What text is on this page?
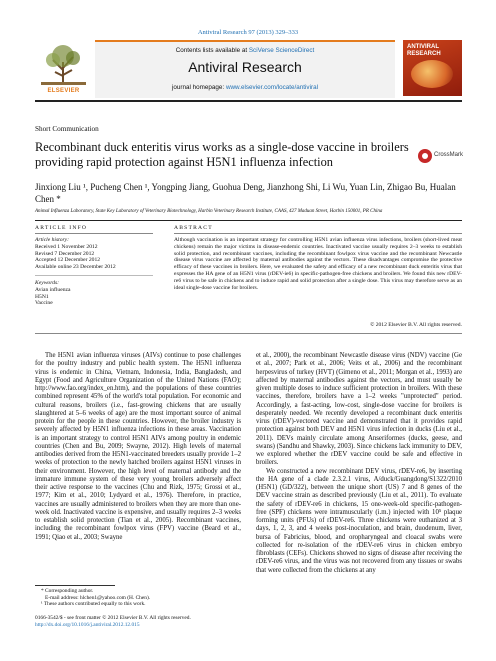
Antiviral Research 97 (2013) 329–333
ELSEVIER
Contents lists available at SciVerse ScienceDirect
Antiviral Research
journal homepage: www.elsevier.com/locate/antiviral
ANTIVIRAL RESEARCH
Short Communication
Recombinant duck enteritis virus works as a single-dose vaccine in broilers providing rapid protection against H5N1 influenza infection	CrossMark
Jinxiong Liu ¹, Pucheng Chen ¹, Yongping Jiang, Guohua Deng, Jianzhong Shi, Li Wu, Yuan Lin, Zhigao Bu, Hualan Chen *
Animal Influenza Laboratory, State Key Laboratory of Veterinary Biotechnology, Harbin Veterinary Research Institute, CAAS, 427 Maduan Street, Harbin 150001, PR China
ARTICLE INFO
Article history:
Received 1 November 2012
Revised 7 December 2012
Accepted 12 December 2012
Available online 23 December 2012
Keywords:
Avian influenza
H5N1
Vaccine
ABSTRACT
Although vaccination is an important strategy for controlling H5N1 avian influenza virus infections, broilers (short-lived meat chickens) remain the major victims in disease-endemic countries. Inactivated vaccine usually requires 2–3 weeks to establish solid protection, and recombinant vaccines, including the recombinant fowlpox virus vaccine and the recombinant Newcastle disease virus vaccine are affected by maternal antibodies against the vectors. These disadvantages compromise the protective efficacy of these vaccines in broilers. Here, we evaluated the safety and efficacy of a new recombinant duck enteritis virus that expresses the HA gene of an H5N1 virus (rDEV-ie6) in specific-pathogen-free chickens and broilers. We found this new rDEV-re6 virus to be safe in chickens and to induce rapid and solid protection after a single dose. This virus may therefore serve as an ideal single-dose vaccine for broilers.
© 2012 Elsevier B.V. All rights reserved.
The H5N1 avian influenza viruses (AIVs) continue to pose challenges for the poultry industry and public health system. The H5N1 influenza virus is endemic in China, Vietnam, Indonesia, India, Bangladesh, and Egypt (Food and Agriculture Organization of the United Nations (FAO); http://www.fao.org/index_en.htm), and the populations of these countries combined represent 45% of the world's total population. For economic and cultural reasons, broilers (i.e., fast-growing chickens that are usually slaughtered at 5–6 weeks of age) are the most important source of animal protein for the people in these countries. However, the broiler industry is severely affected by H5N1 influenza infections in these areas. Vaccination is an important strategy to control H5N1 AIVs among poultry in endemic countries (Chen and Bu, 2009; Swayne, 2012). High levels of maternal antibodies derived from the H5N1-vaccinated breeders usually provide 1–2 weeks of protection to the newly hatched broilers against H5N1 viruses in their environment. However, the high level of maternal antibody and the immature immune system of these very young broilers adversely affect their active response to the vaccines (Chu and Rizk, 1975; Grossi et al., 1977; Kim et al., 2010; Lydyard et al., 1976). Therefore, in practice, vaccines are usually administered to broilers when they are more than one-week old. Inactivated vaccine is expensive, and usually requires 2–3 weeks to establish solid protection (Tian et al., 2005). Recombinant vaccines, including the recombinant fowlpox virus (FPV) vaccine (Beard et al., 1991; Qiao et al., 2003; Swayne
et al., 2000), the recombinant Newcastle disease virus (NDV) vaccine (Ge et al., 2007; Park et al., 2006; Veits et al., 2006) and the recombinant herpesvirus of turkey (HVT) (Gimeno et al., 2011; Morgan et al., 1993) are affected by maternal antibodies against the vectors, and must usually be given multiple doses to induce sufficient protection in broilers. With these vaccines, therefore, broilers have a 1–2 weeks "unprotected" period. Accordingly, a fast-acting, low-cost, single-dose vaccine for broilers is desperately needed. We recently developed a recombinant duck enteritis virus (rDEV)-vectored vaccine and demonstrated that it provides rapid protection against both DEV and H5N1 virus infection in ducks (Liu et al., 2011). DEVs mainly circulate among Anseriformes (ducks, geese, and swans) (Sandhu and Shawky, 2003). Since chickens lack immunity to DEV, we explored whether the rDEV vaccine could be safe and effective in broilers.
We constructed a new recombinant DEV virus, rDEV-re6, by inserting the HA gene of a clade 2.3.2.1 virus, A/duck/Guangdong/S1322/2010 (H5N1) (GD/322), between the unique short (US) 7 and 8 genes of the DEV vaccine strain as described previously (Liu et al., 2011). To evaluate the safety of rDEV-re6 in chickens, 15 one-week-old specific-pathogen-free (SPF) chickens were intramuscularly (i.m.) injected with 10⁵ plaque forming units (PFUs) of rDEV-re6. Three chickens were euthanized at 3 days, 1, 2, 3, and 4 weeks post-inoculation, and brain, duodenum, liver, bursa of Fabricius, blood, and oropharyngeal and cloacal swabs were collected for re-isolation of the rDEV-re6 virus in chicken embryo fibroblasts (CEFs). Chickens showed no signs of disease after receiving the rDEV-re6 virus, and the virus was not recovered from any tissues or swabs that were collected from the chickens at any
* Corresponding author.
E-mail address: hlchen1@yahoo.com (H. Chen).
¹ These authors contributed equally to this work.
0166-3542/$ - see front matter © 2012 Elsevier B.V. All rights reserved.
http://dx.doi.org/10.1016/j.antiviral.2012.12.015
